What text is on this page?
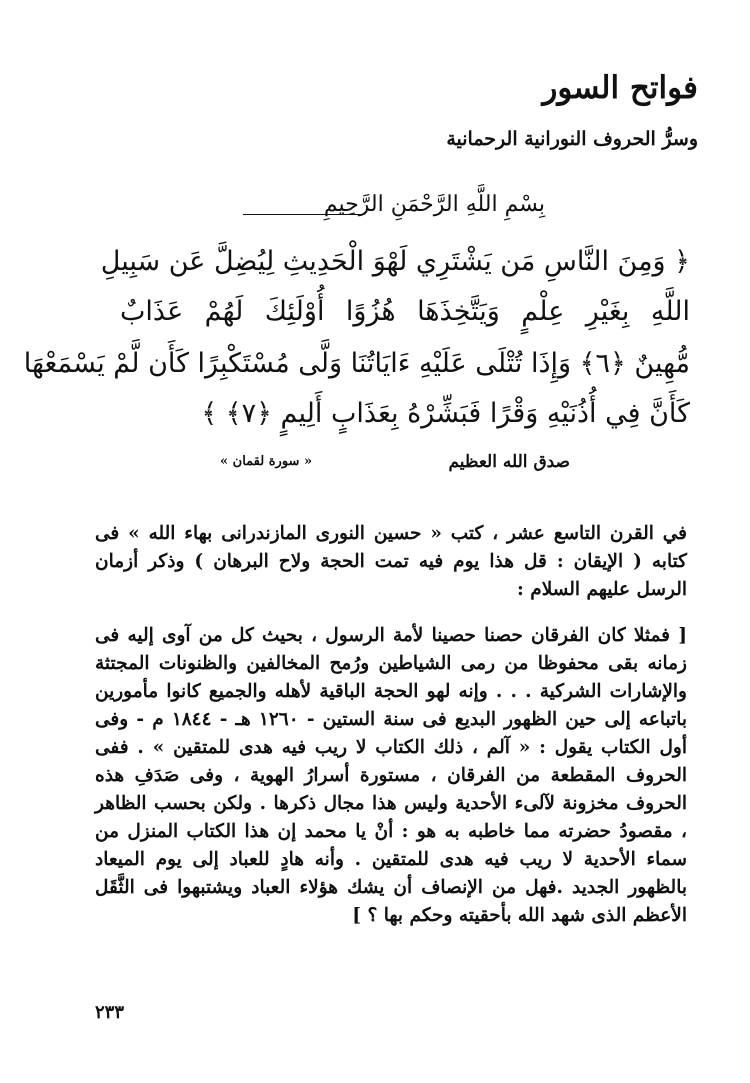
فواتح السور
وسرُّ الحروف النورانية الرحمانية
بِسْمِ اللَّهِ الرَّحْمَنِ الرَّحِيمِ
﴿ وَمِنَ النَّاسِ مَن يَشْتَرِي لَهْوَ الْحَدِيثِ لِيُضِلَّ عَن سَبِيلِ
اللَّهِ بِغَيْرِ عِلْمٍ وَيَتَّخِذَهَا هُزُوًا أُوْلَئِكَ لَهُمْ عَذَابٌ
مُّهِينٌ ﴿٦﴾ وَإِذَا تُتْلَى عَلَيْهِ ءَايَاتُنَا وَلَّى مُسْتَكْبِرًا كَأَن لَّمْ يَسْمَعْهَا
كَأَنَّ فِي أُذُنَيْهِ وَقْرًا فَبَشِّرْهُ بِعَذَابٍ أَلِيمٍ ﴿٧﴾ ﴾
« سورة لقمان »	صدق الله العظيم

في القرن التاسع عشر ، كتب « حسين النورى المازندرانى بهاء الله » فى كتابه ( الإيقان : قل هذا يوم فيه تمت الحجة ولاح البرهان ) وذكر أزمان الرسل عليهم السلام :

[ فمثلا كان الفرقان حصنا حصينا لأمة الرسول ، بحيث كل من آوى إليه فى زمانه بقى محفوظا من رمى الشياطين ورُمح المخالفين والظنونات المجتثة والإشارات الشركية . . . وإنه لهو الحجة الباقية لأهله والجميع كانوا مأمورين باتباعه إلى حين الظهور البديع فى سنة الستين - ١٢٦٠ هـ - ١٨٤٤ م - وفى أول الكتاب يقول : « آلم ، ذلك الكتاب لا ريب فيه هدى للمتقين » . ففى الحروف المقطعة من الفرقان ، مستورة أسرارُ الهوية ، وفى صَدَفِ هذه الحروف مخزونة لآلىء الأحدية وليس هذا مجال ذكرها . ولكن بحسب الظاهر ، مقصودُ حضرته مما خاطبه به هو : أنْ يا محمد إن هذا الكتاب المنزل من سماء الأحدية لا ريب فيه هدى للمتقين . وأنه هادٍ للعباد إلى يوم الميعاد بالظهور الجديد .فهل من الإنصاف أن يشك هؤلاء العباد ويشتبهوا فى الثَّقَل الأعظم الذى شهد الله بأحقيته وحكم بها ؟ ]

٢٣٣
